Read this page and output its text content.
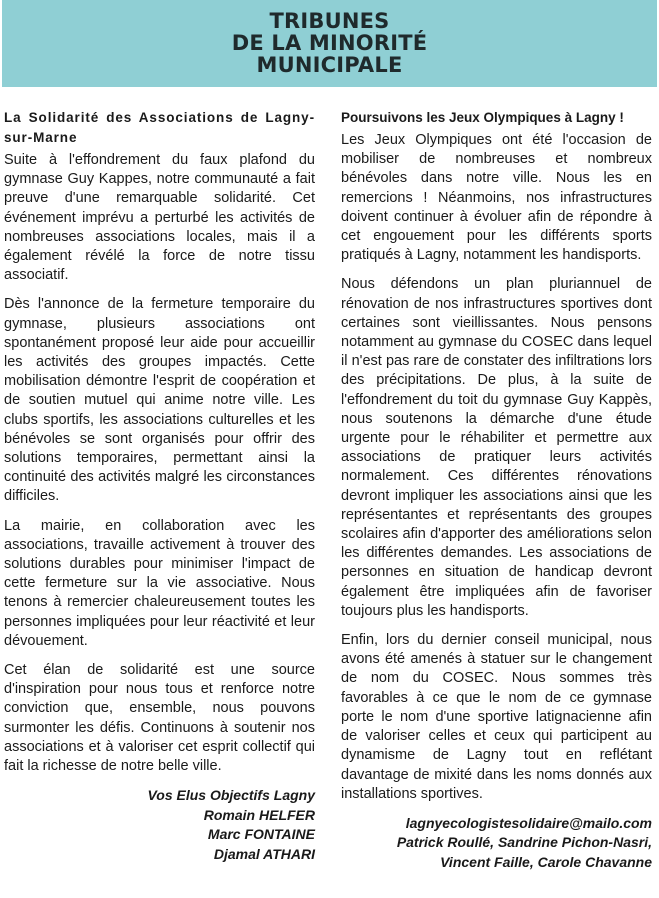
TRIBUNES
DE LA MINORITÉ
MUNICIPALE
La Solidarité des Associations de Lagny-sur-Marne

Suite à l'effondrement du faux plafond du gymnase Guy Kappes, notre communauté a fait preuve d'une remarquable solidarité. Cet événement imprévu a perturbé les activités de nombreuses associations locales, mais il a également révélé la force de notre tissu associatif.

Dès l'annonce de la fermeture temporaire du gymnase, plusieurs associations ont spontanément proposé leur aide pour accueillir les activités des groupes impactés. Cette mobilisation démontre l'esprit de coopération et de soutien mutuel qui anime notre ville. Les clubs sportifs, les associations culturelles et les bénévoles se sont organisés pour offrir des solutions temporaires, permettant ainsi la continuité des activités malgré les circonstances difficiles.

La mairie, en collaboration avec les associations, travaille activement à trouver des solutions durables pour minimiser l'impact de cette fermeture sur la vie associative. Nous tenons à remercier chaleureusement toutes les personnes impliquées pour leur réactivité et leur dévouement.

Cet élan de solidarité est une source d'inspiration pour nous tous et renforce notre conviction que, ensemble, nous pouvons surmonter les défis. Continuons à soutenir nos associations et à valoriser cet esprit collectif qui fait la richesse de notre belle ville.

Vos Elus Objectifs Lagny
Romain HELFER
Marc FONTAINE
Djamal ATHARI
Poursuivons les Jeux Olympiques à Lagny !

Les Jeux Olympiques ont été l'occasion de mobiliser de nombreuses et nombreux bénévoles dans notre ville. Nous les en remercions ! Néanmoins, nos infrastructures doivent continuer à évoluer afin de répondre à cet engouement pour les différents sports pratiqués à Lagny, notamment les handisports.

Nous défendons un plan pluriannuel de rénovation de nos infrastructures sportives dont certaines sont vieillissantes. Nous pensons notamment au gymnase du COSEC dans lequel il n'est pas rare de constater des infiltrations lors des précipitations. De plus, à la suite de l'effondrement du toit du gymnase Guy Kappès, nous soutenons la démarche d'une étude urgente pour le réhabiliter et permettre aux associations de pratiquer leurs activités normalement. Ces différentes rénovations devront impliquer les associations ainsi que les représentantes et représentants des groupes scolaires afin d'apporter des améliorations selon les différentes demandes. Les associations de personnes en situation de handicap devront également être impliquées afin de favoriser toujours plus les handisports.

Enfin, lors du dernier conseil municipal, nous avons été amenés à statuer sur le changement de nom du COSEC. Nous sommes très favorables à ce que le nom de ce gymnase porte le nom d'une sportive latignacienne afin de valoriser celles et ceux qui participent au dynamisme de Lagny tout en reflétant davantage de mixité dans les noms donnés aux installations sportives.

lagnyecologistesolidaire@mailo.com
Patrick Roullé, Sandrine Pichon-Nasri,
Vincent Faille, Carole Chavanne
